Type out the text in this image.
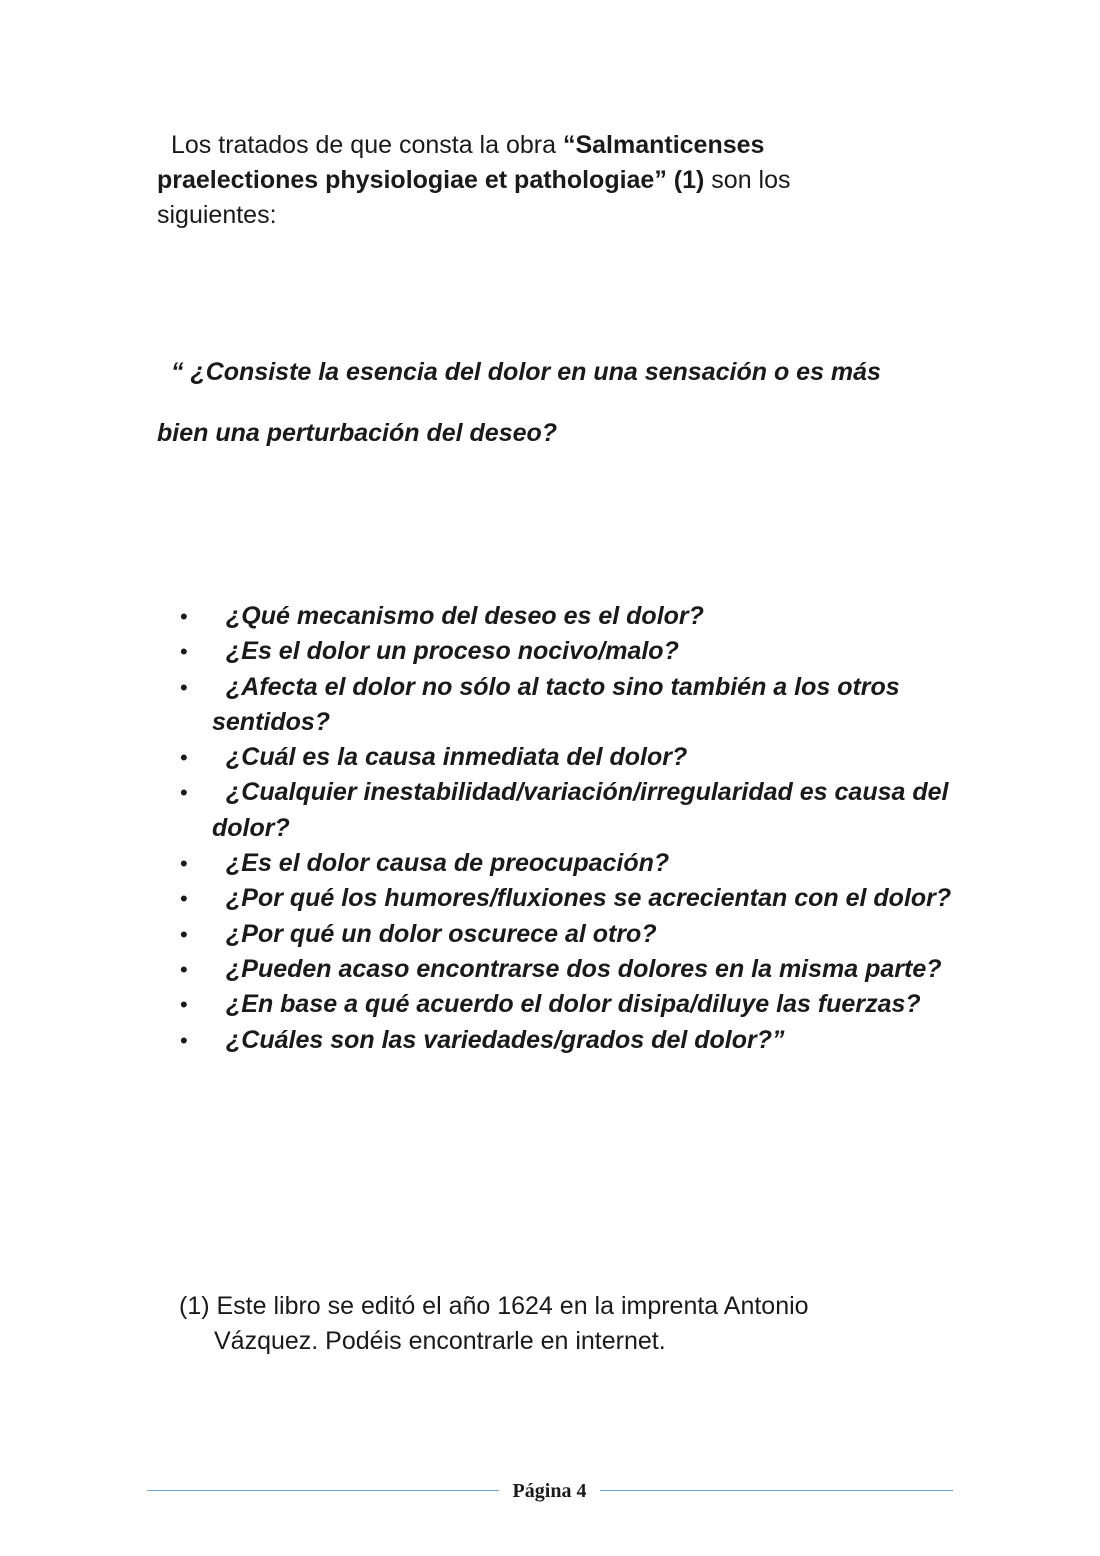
Los tratados de que consta la obra “Salmanticenses praelectiones physiologiae et pathologiae” (1) son los siguientes:

“ ¿Consiste la esencia del dolor en una sensación o es más

bien una perturbación del deseo?

• ¿Qué mecanismo del deseo es el dolor?
• ¿Es el dolor un proceso nocivo/malo?
• ¿Afecta el dolor no sólo al tacto sino también a los otros sentidos?
• ¿Cuál es la causa inmediata del dolor?
• ¿Cualquier inestabilidad/variación/irregularidad es causa del dolor?
• ¿Es el dolor causa de preocupación?
• ¿Por qué los humores/fluxiones se acrecientan con el dolor?
• ¿Por qué un dolor oscurece al otro?
• ¿Pueden acaso encontrarse dos dolores en la misma parte?
• ¿En base a qué acuerdo el dolor disipa/diluye las fuerzas?
• ¿Cuáles son las variedades/grados del dolor?”

(1) Este libro se editó el año 1624 en la imprenta Antonio Vázquez. Podéis encontrarle en internet.

Página 4
